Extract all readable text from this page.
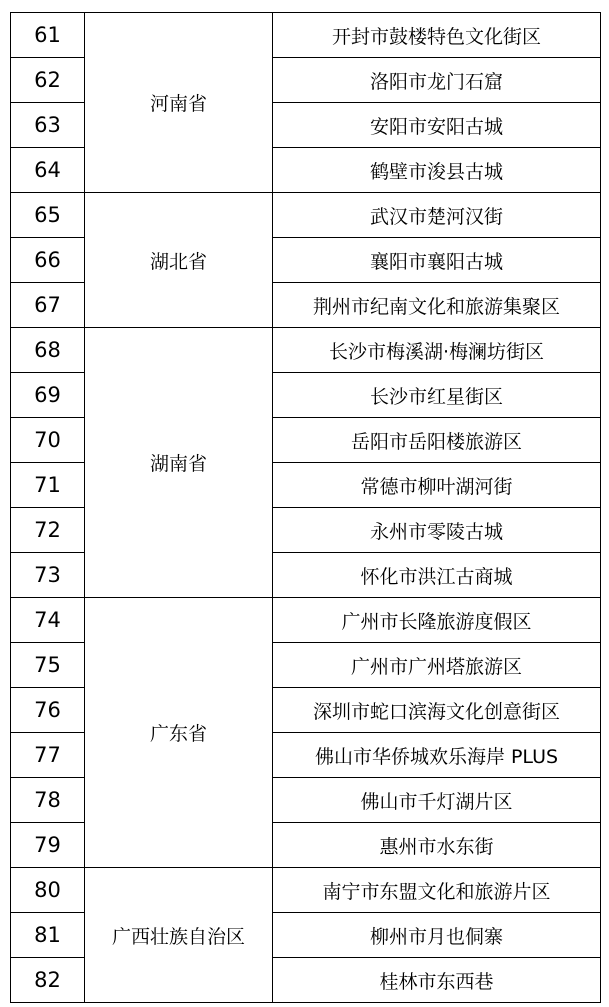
61	河南省	开封市鼓楼特色文化街区
62		洛阳市龙门石窟
63		安阳市安阳古城
64		鹤壁市浚县古城
65	湖北省	武汉市楚河汉街
66		襄阳市襄阳古城
67		荆州市纪南文化和旅游集聚区
68	湖南省	长沙市梅溪湖·梅澜坊街区
69		长沙市红星街区
70		岳阳市岳阳楼旅游区
71		常德市柳叶湖河街
72		永州市零陵古城
73		怀化市洪江古商城
74	广东省	广州市长隆旅游度假区
75		广州市广州塔旅游区
76		深圳市蛇口滨海文化创意街区
77		佛山市华侨城欢乐海岸 PLUS
78		佛山市千灯湖片区
79		惠州市水东街
80	广西壮族自治区	南宁市东盟文化和旅游片区
81		柳州市月也侗寨
82		桂林市东西巷
